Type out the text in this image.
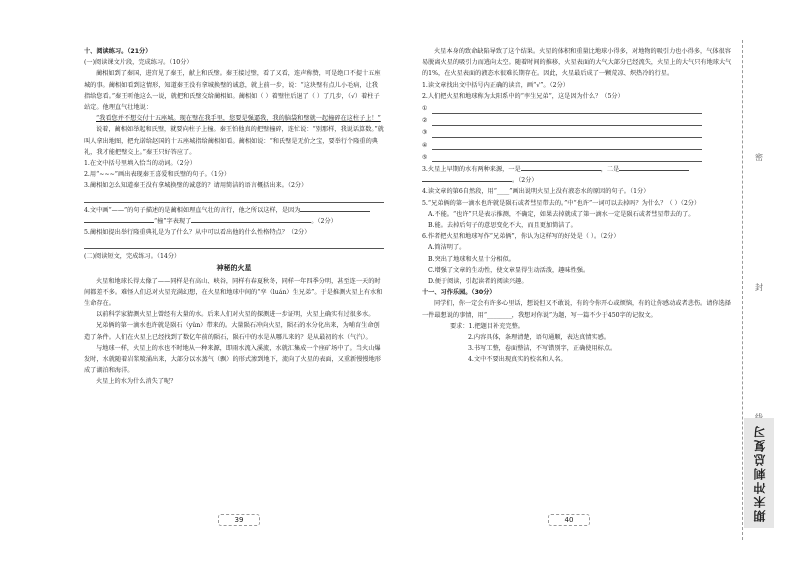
十、阅读练习。（21分）
(一)阅读课文片段，完成练习。（10分）
蔺相如到了秦国，进宫见了秦王，献上和氏璧。秦王接过璧，看了又看，连声称赞，可是绝口不提十五座城的事。蔺相如看到这情形，知道秦王没有拿城换璧的诚意，就上前一步，说：“这块璧有点儿小毛病，让我指给您看。”秦王听他这么一说，就把和氏璧交给蔺相如。蔺相如（ ）着璧往后退了（ ）了几步，（√）着柱子站定。他理直气壮地说：
“我看您并不想交付十五座城。现在璧在我手里，您要是强逼我，我的脑袋和璧就一起撞碎在这柱子上！”
说着，蔺相如举起和氏璧，就要向柱子上撞。秦王怕他真的把璧撞碎，连忙说：“别那样，我说话算数。”就叫人拿出地图，把允诺给赵国的十五座城指给蔺相如看。蔺相如说：“和氏璧是无价之宝，要举行个隆重的典礼，我才能把璧交上。”秦王只好答应了。
1.在文中括号里填入恰当的动词。（2分）
2.用“~~~”画出表现秦王喜爱和氏璧的句子。（1分）
3.蔺相如怎么知道秦王没有拿城换璧的诚意的？请用简洁的语言概括出来。（2分）
4.文中画“——”的句子描述的是蔺相如理直气壮的言行，他之所以这样，是因为
“撞”字表现了	。（2分）
5.蔺相如提出举行隆重典礼是为了什么？从中可以看出他的什么性格特点？（2分）
(二)阅读短文，完成练习。（14分）
神秘的火星
火星和地球长得太像了——同样是有高山、峡谷，同样有春夏秋冬，同样一年四季分明，甚至连一天的时间都差不多。难怪人们总对火星充满幻想，在火星和地球中间的“孪（luán）生兄弟”。于是推测火星上有水和生命存在。
以前科学家猜测火星上曾经有大量的水。后来人们对火星的探测进一步证明，火星上确实有过很多水。
兄弟俩的第一滴水也许就是陨石（yǔn）带来的。大量陨石冲向火星，陨石的水分化出来，为哺育生命创造了条件。人们在火星上已经找到了数亿年前的陨石，陨石中的水是从哪儿来的？是从最初的水（气汽）。
与地球一样，火星上的水也不时地从一种来源，即雨水流入溪流，水就汇集成一个座矿场中了。当火山爆发时，水就随着岩浆喷涌出来，大部分以水蒸气（飘）的形式渗到地下，流向了火星的表面，又重新慢慢地形成了湖泊和海洋。
火星上的水为什么消失了呢？
39
火星本身的致命缺陷导致了这个结果。火星的体积和重量比地球小得多，对地物的吸引力也小得多，气体很容易脱离火星的吸引力而逃向太空。随着时间的推移，火星表面的大气大部分已经流失，火星上的大气只有地球大气的1%，在火星表面的液态水很难长期存在。因此，火星最后成了一颗荒凉、炽热冷的行星。
1.读文章找出文中括号内正确的读音，画“√”。（2分）
2.人们把火星和地球称为太阳系中的“孪生兄弟”，这是因为什么？（5分）
①
②
③
④
⑤
3.火星上早期的水有两种来源，一是	，二是
。（2分）
4.读文章的第6自然段，用“____”画出说明火星上没有液态水的原因的句子。（1分）
5.“兄弟俩的第一滴水也许就是陨石或者彗星带去的。”中“也许”一词可以去掉吗？为什么？（ ）（2分）
A.不能。“也许”只是表示推测，不确定，如果去掉就成了第一滴水一定是陨石或者彗星带去的了。
B.能。去掉后句子的意思变化不大，而且更加简洁了。
6.作者把火星和地球写作“兄弟俩”，你认为这样写的好处是（ ）。（2分）
A.简洁明了。
B.突出了地球和火星十分相似。
C.增强了文章的生动性，使文章显得生动活泼，趣味性强。
D.便于阅读，引起读者的阅读兴趣。
十一、习作乐园。（30分）
同学们，你一定会有许多心里话，想说但又不敢说，有的令你开心或烦恼，有的让你感动或者悲伤。请你选择一件最想说的事情，用“________，我想对你说”为题，写一篇不少于450字的记叙文。
要求：1.把题目补充完整。
2.内容具体，条理清楚，语句通顺，表达真情实感。
3.书写工整，卷面整洁，不写错别字，正确使用标点。
4.文中不要出现真实的校名和人名。
40
密
封
期末冲刺总复习
